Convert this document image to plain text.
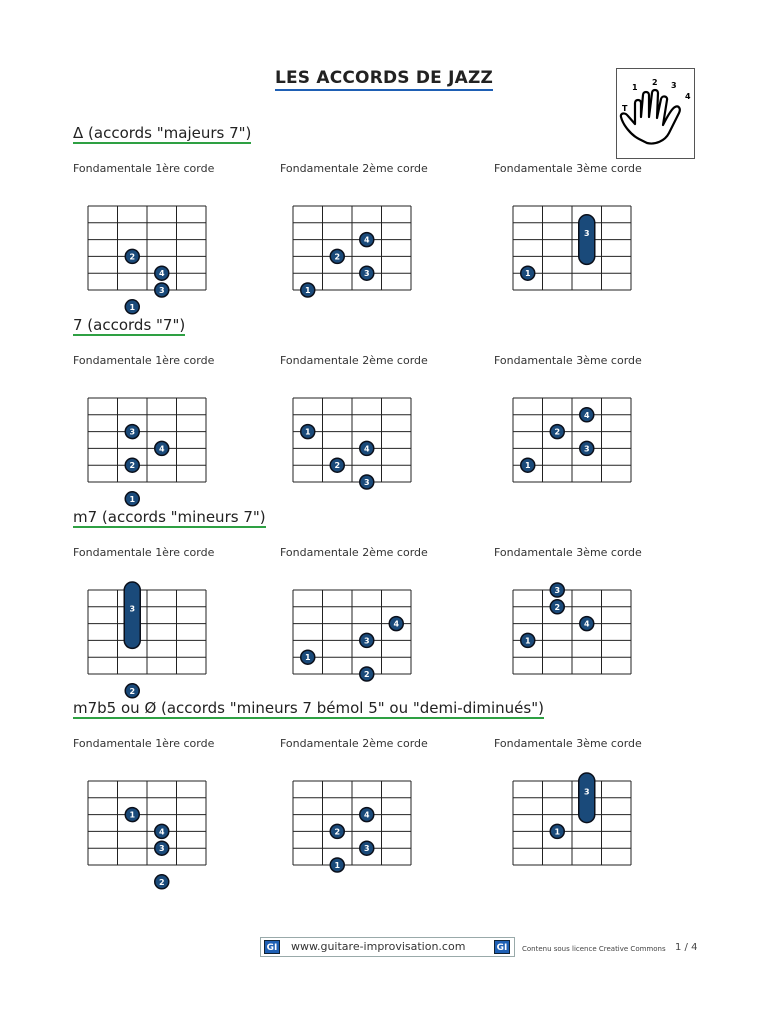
LES ACCORDS DE JAZZ	1
2 3
4
T
Δ (accords "majeurs 7")
Fondamentale 1ère corde
2
4
3
1
Fondamentale 2ème corde
4
2
3
1
Fondamentale 3ème corde
3
1
7 (accords "7")
Fondamentale 1ère corde
3
4
2
1
Fondamentale 2ème corde
1
4
2
3
Fondamentale 3ème corde
4
2
3
1
m7 (accords "mineurs 7")
Fondamentale 1ère corde
3
2
Fondamentale 2ème corde
4
3
1
2
Fondamentale 3ème corde
3
2
4
1
m7b5 ou Ø (accords "mineurs 7 bémol 5" ou "demi-diminués")
Fondamentale 1ère corde
1
4
3
2
Fondamentale 2ème corde
4
2
3
1
Fondamentale 3ème corde
3
1
GI www.guitare-improvisation.com	GI	Contenu sous licence Creative Commons 1 / 4
